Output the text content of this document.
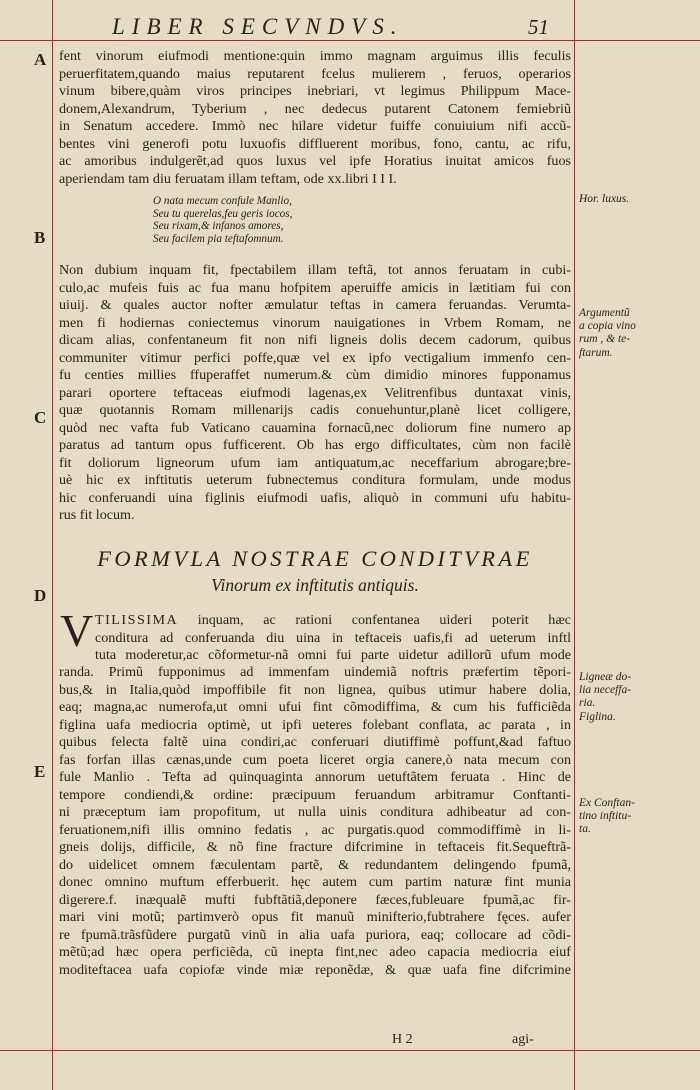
LIBER SECVNDVS.	51
A
B
C
D
E
fent vinorum eiufmodi mentione:quin immo magnam arguimus illis feculis
peruerfitatem,quando maius reputarent fcelus mulierem , feruos, operarios
vinum bibere,quàm viros principes inebriari, vt legimus Philippum Mace-
donem,Alexandrum, Tyberium , nec dedecus putarent Catonem femiebriũ
in Senatum accedere. Immò nec hilare videtur fuiffe conuiuium nifi accũ-
bentes vini generofi potu luxuofis diffluerent moribus, fono, cantu, ac rifu,
ac amoribus indulgerẽt,ad quos luxus vel ipfe Horatius inuitat amicos fuos
aperiendam tam diu feruatam illam teftam, ode xx.libri I I I.
O nata mecum confule Manlio,
Seu tu querelas,feu geris iocos,
Seu rixam,& infanos amores,
Seu facilem pia teftafomnum.
Non dubium inquam fit, fpectabilem illam teftã, tot annos feruatam in cubi-
culo,ac mufeis fuis ac fua manu hofpitem aperuiffe amicis in lætitiam fui con
uiuij. & quales auctor nofter æmulatur teftas in camera feruandas. Verumta-
men fi hodiernas coniectemus vinorum nauigationes in Vrbem Romam, ne
dicam alias, confentaneum fit non nifi ligneis dolis decem cadorum, quibus
communiter vitimur perfici poffe,quæ vel ex ipfo vectigalium immenfo cen-
fu centies millies ffuperaffet numerum.& cùm dimidio minores fupponamus
parari oportere teftaceas eiufmodi lagenas,ex Velitrenfibus duntaxat vinis,
quæ quotannis Romam millenarijs cadis conuehuntur,planè licet colligere,
quòd nec vafta fub Vaticano cauamina fornacũ,nec doliorum fine numero ap
paratus ad tantum opus fufficerent. Ob has ergo difficultates, cùm non facilè
fit doliorum ligneorum ufum iam antiquatum,ac neceffarium abrogare;bre-
uè hic ex inftitutis ueterum fubnectemus conditura formulam, unde modus
hic conferuandi uina figlinis eiufmodi uafis, aliquò in communi ufu habitu-
rus fit locum.
FORMVLA NOSTRAE CONDITVRAE
Vinorum ex inftitutis antiquis.
V TILISSIMA inquam, ac rationi confentanea uideri poterit hæc
conditura ad conferuanda diu uina in teftaceis uafis,fi ad ueterum inftl
tuta moderetur,ac cõformetur-nã omni fui parte uidetur adillorũ ufum mode
randa. Primũ fupponimus ad immenfam uindemiã noftris præfertim tẽpori-
bus,& in Italia,quòd impoffibile fit non lignea, quibus utimur habere dolia,
eaq; magna,ac numerofa,ut omni ufui fint cõmodiffima, & cum his fufficiẽda
figlina uafa mediocria optimè, ut ipfi ueteres folebant conflata, ac parata , in
quibus felecta faltẽ uina condiri,ac conferuari diutiffimè poffunt,&ad faftuo
fas forfan illas cænas,unde cum poeta liceret orgia canere,ò nata mecum con
fule Manlio . Tefta ad quinquaginta annorum uetuftãtem feruata . Hinc de
tempore condiendi,& ordine: præcipuum feruandum arbitramur Conftanti-
ni præceptum iam propofitum, ut nulla uinis conditura adhibeatur ad con-
feruationem,nifi illis omnino fedatis , ac purgatis.quod commodiffimè in li-
gneis dolijs, difficile, & nõ fine fracture difcrimine in teftaceis fit.Sequeftrã-
do uidelicet omnem fæculentam partẽ, & redundantem delingendo fpumã,
donec omnino muftum efferbuerit. hęc autem cum partim naturæ fint munia
digerere.f. inæqualẽ mufti fubftãtiã,deponere fæces,fubleuare fpumã,ac fir-
mari vini motũ; partimverò opus fit manuũ minifterio,fubtrahere fęces. aufer
re fpumã.trãsfũdere purgatũ vinũ in alia uafa puriora, eaq; collocare ad cõdi-
mẽtũ;ad hæc opera perficiẽda, cũ inepta fint,nec adeo capacia mediocria eiuf
moditeftacea uafa copiofæ vinde miæ reponẽdæ, & quæ uafa fine difcrimine
Hor. luxus.
Argumentũ
a copia vino
rum , & te-
ftarum.
Ligneæ do-
lia neceffa-
ria.
Figlina.
Ex Conftan-
tino inftitu-
ta.
H 2	agi-
